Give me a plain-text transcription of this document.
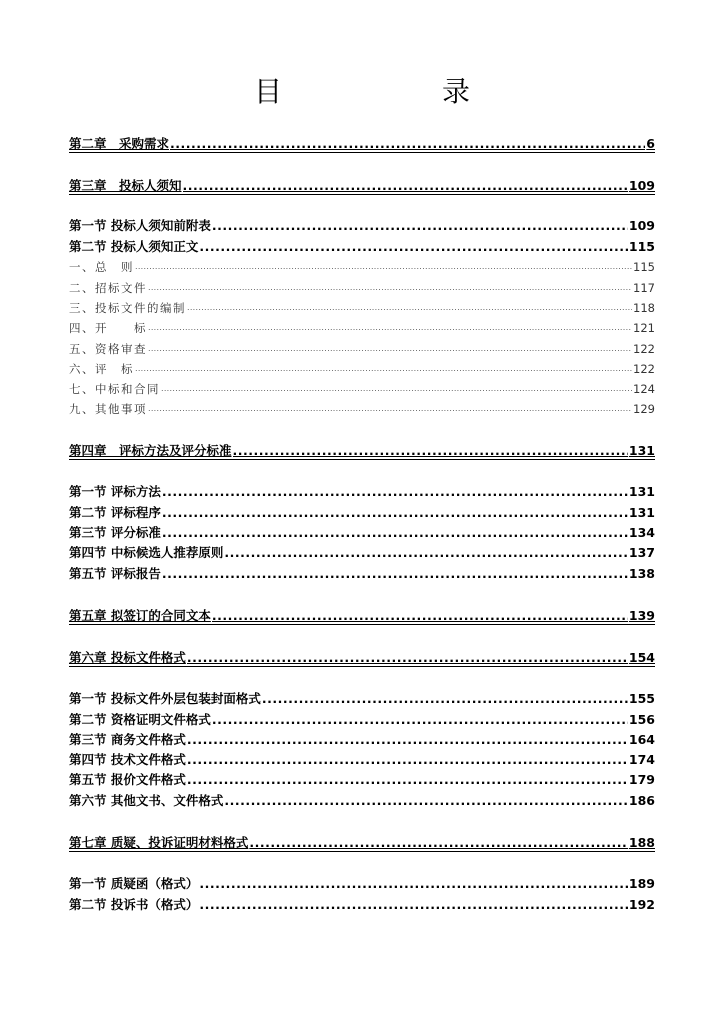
目　录
第二章　采购需求 .....	6
第三章　投标人须知 .....	109
第一节 投标人须知前附表 .....	109
第二节 投标人须知正文 .....	115
一、总　则 .....	115
二、招标文件 .....	117
三、投标文件的编制 .....	118
四、开　　标 .....	121
五、资格审查 .....	122
六、评　标 .....	122
七、中标和合同 .....	124
九、其他事项 .....	129
第四章　评标方法及评分标准 .....	131
第一节 评标方法 .....	131
第二节 评标程序 .....	131
第三节 评分标准 .....	134
第四节 中标候选人推荐原则 .....	137
第五节 评标报告 .....	138
第五章 拟签订的合同文本 .....	139
第六章 投标文件格式 .....	154
第一节 投标文件外层包装封面格式 .....	155
第二节 资格证明文件格式 .....	156
第三节 商务文件格式 .....	164
第四节 技术文件格式 .....	174
第五节 报价文件格式 .....	179
第六节 其他文书、文件格式 .....	186
第七章 质疑、投诉证明材料格式 .....	188
第一节 质疑函（格式） .....	189
第二节 投诉书（格式） .....	192
